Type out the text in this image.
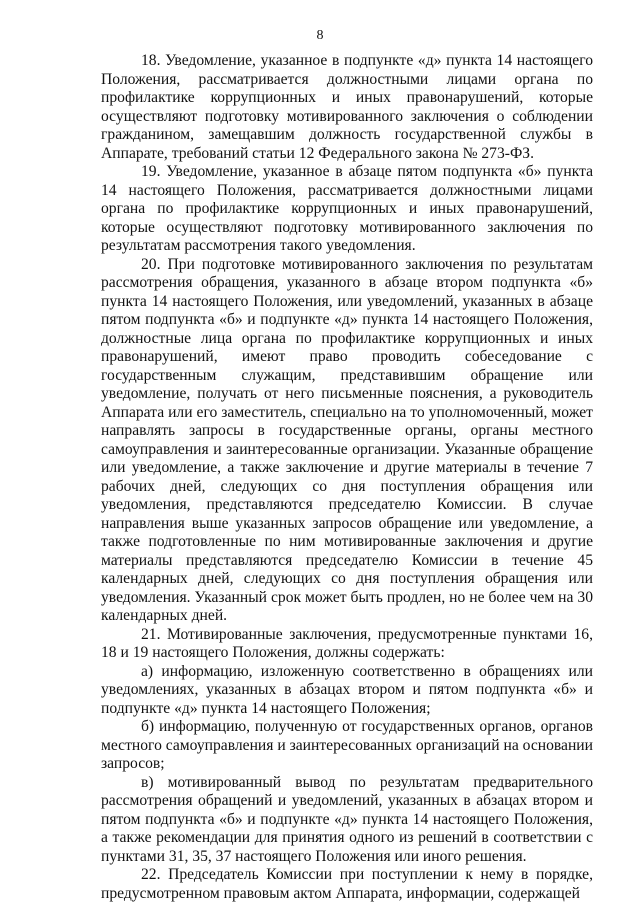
8

18. Уведомление, указанное в подпункте «д» пункта 14 настоящего Положения, рассматривается должностными лицами органа по профилактике коррупционных и иных правонарушений, которые осуществляют подготовку мотивированного заключения о соблюдении гражданином, замещавшим должность государственной службы в Аппарате, требований статьи 12 Федерального закона № 273-ФЗ.

19. Уведомление, указанное в абзаце пятом подпункта «б» пункта 14 настоящего Положения, рассматривается должностными лицами органа по профилактике коррупционных и иных правонарушений, которые осуществляют подготовку мотивированного заключения по результатам рассмотрения такого уведомления.

20. При подготовке мотивированного заключения по результатам рассмотрения обращения, указанного в абзаце втором подпункта «б» пункта 14 настоящего Положения, или уведомлений, указанных в абзаце пятом подпункта «б» и подпункте «д» пункта 14 настоящего Положения, должностные лица органа по профилактике коррупционных и иных правонарушений, имеют право проводить собеседование с государственным служащим, представившим обращение или уведомление, получать от него письменные пояснения, а руководитель Аппарата или его заместитель, специально на то уполномоченный, может направлять запросы в государственные органы, органы местного самоуправления и заинтересованные организации. Указанные обращение или уведомление, а также заключение и другие материалы в течение 7 рабочих дней, следующих со дня поступления обращения или уведомления, представляются председателю Комиссии. В случае направления выше указанных запросов обращение или уведомление, а также подготовленные по ним мотивированные заключения и другие материалы представляются председателю Комиссии в течение 45 календарных дней, следующих со дня поступления обращения или уведомления. Указанный срок может быть продлен, но не более чем на 30 календарных дней.

21. Мотивированные заключения, предусмотренные пунктами 16, 18 и 19 настоящего Положения, должны содержать:

а) информацию, изложенную соответственно в обращениях или уведомлениях, указанных в абзацах втором и пятом подпункта «б» и подпункте «д» пункта 14 настоящего Положения;

б) информацию, полученную от государственных органов, органов местного самоуправления и заинтересованных организаций на основании запросов;

в) мотивированный вывод по результатам предварительного рассмотрения обращений и уведомлений, указанных в абзацах втором и пятом подпункта «б» и подпункте «д» пункта 14 настоящего Положения, а также рекомендации для принятия одного из решений в соответствии с пунктами 31, 35, 37 настоящего Положения или иного решения.

22. Председатель Комиссии при поступлении к нему в порядке, предусмотренном правовым актом Аппарата, информации, содержащей
